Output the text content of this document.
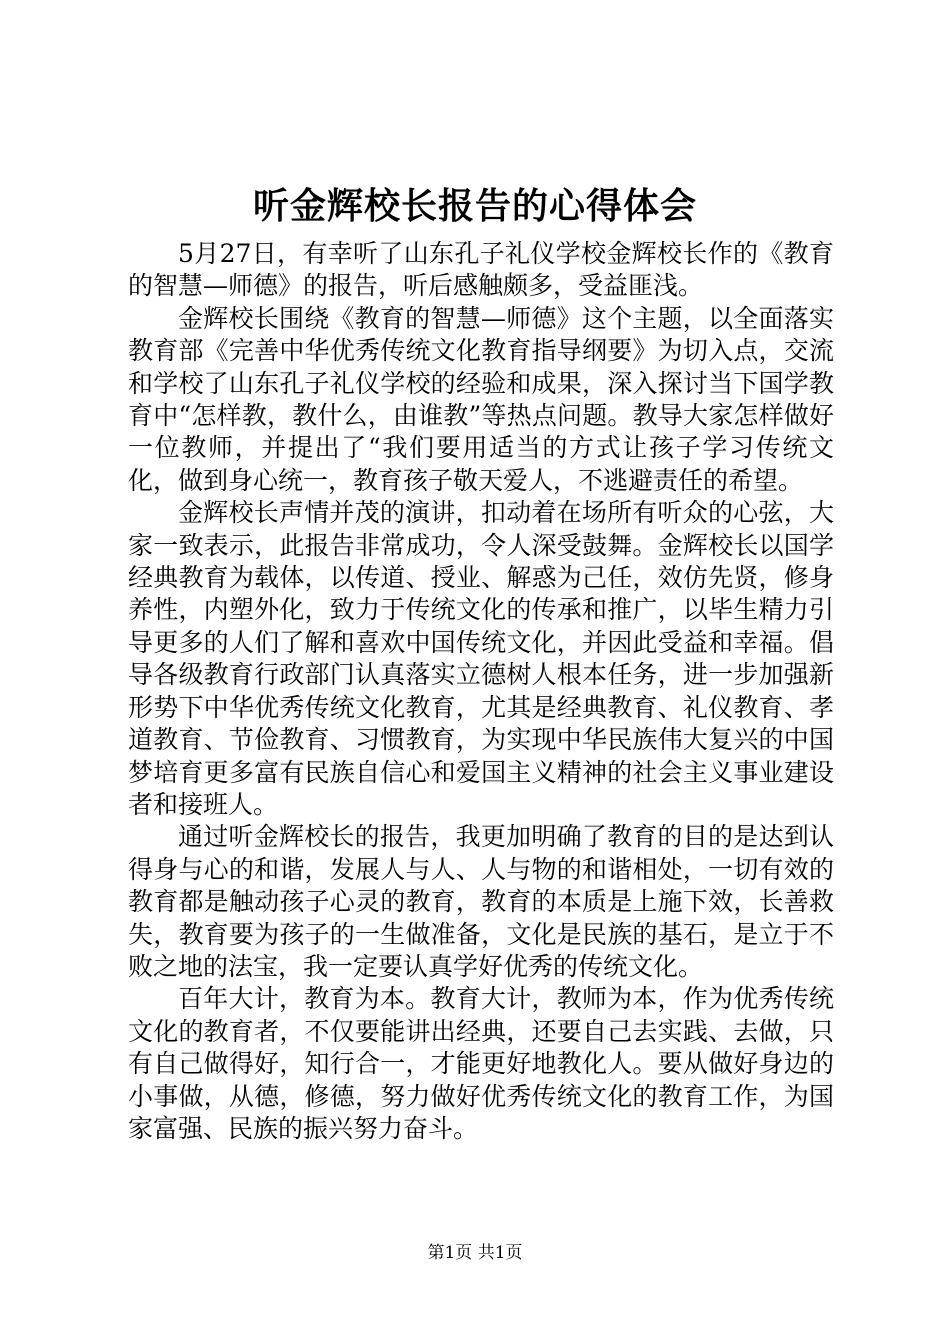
听金辉校长报告的心得体会

5月27日，有幸听了山东孔子礼仪学校金辉校长作的《教育的智慧—师德》的报告，听后感触颇多，受益匪浅。

金辉校长围绕《教育的智慧—师德》这个主题，以全面落实教育部《完善中华优秀传统文化教育指导纲要》为切入点，交流和学校了山东孔子礼仪学校的经验和成果，深入探讨当下国学教育中“怎样教，教什么，由谁教”等热点问题。教导大家怎样做好一位教师，并提出了“我们要用适当的方式让孩子学习传统文化，做到身心统一，教育孩子敬天爱人，不逃避责任的希望。

金辉校长声情并茂的演讲，扣动着在场所有听众的心弦，大家一致表示，此报告非常成功，令人深受鼓舞。金辉校长以国学经典教育为载体，以传道、授业、解惑为己任，效仿先贤，修身养性，内塑外化，致力于传统文化的传承和推广，以毕生精力引导更多的人们了解和喜欢中国传统文化，并因此受益和幸福。倡导各级教育行政部门认真落实立德树人根本任务，进一步加强新形势下中华优秀传统文化教育，尤其是经典教育、礼仪教育、孝道教育、节俭教育、习惯教育，为实现中华民族伟大复兴的中国梦培育更多富有民族自信心和爱国主义精神的社会主义事业建设者和接班人。

通过听金辉校长的报告，我更加明确了教育的目的是达到认得身与心的和谐，发展人与人、人与物的和谐相处，一切有效的教育都是触动孩子心灵的教育，教育的本质是上施下效，长善救失，教育要为孩子的一生做准备，文化是民族的基石，是立于不败之地的法宝，我一定要认真学好优秀的传统文化。

百年大计，教育为本。教育大计，教师为本，作为优秀传统文化的教育者，不仅要能讲出经典，还要自己去实践、去做，只有自己做得好，知行合一，才能更好地教化人。要从做好身边的小事做，从德，修德，努力做好优秀传统文化的教育工作，为国家富强、民族的振兴努力奋斗。

第1页 共1页
